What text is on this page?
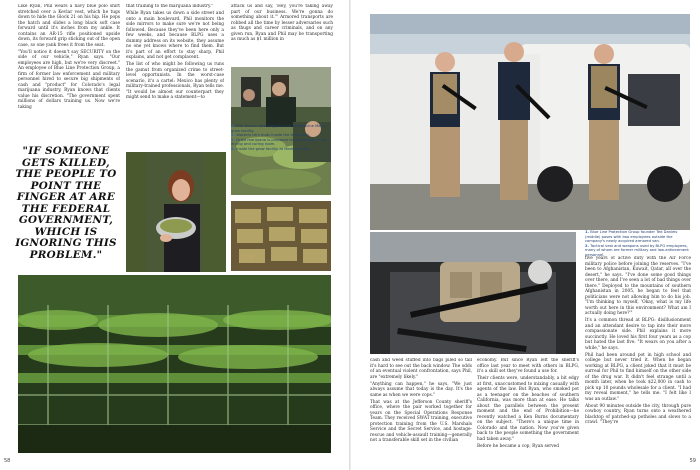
Like Ryan, Phil wears a navy blue polo shirt stretched over a Kevlar vest, which he tugs down to hide the Glock 21 on his hip. He pops the hatch and slides a long black soft case forward until it's inches from my ankle. It contains an AR-15 rifle positioned upside down, its forward grip sticking out of the open case, so one yank frees it from the seat.

"You'll notice it doesn't say SECURITY on the side of our vehicle," Ryan says. "Our employees are high, but we're very discreet." An employee of Blue Line Protection Group, a firm of former law enforcement and military personnel hired to secure big shipments of cash and "product" for Colorado's legal marijuana industry, Ryan knows that clients value his discretion. "The government spent millions of dollars training us. Now we're taking

that training to the marijuana industry."

While Ryan takes us down a side street and onto a main boulevard, Phil monitors the side mirrors to make sure we're not being followed. Because they've been here only a few weeks, and because BLPG uses a dummy address on its website, they assume no one yet knows where to find them. But it's part of an effort to stay sharp, Phil explains, and not get complacent.

The list of who might be following us runs the gamut from organized crime to street-level opportunists. In the worst-case scenario, it's a cartel: Mexico has plenty of military-trained professionals, Ryan tells me. "It would be almost our counterpart they might send to make a statement—to

attack us and say, 'Hey, you're taking away part of our business. We're gonna do something about it.'" Armored transports are robbed all the time by lesser adversaries such as thugs and career criminals, and on any given run, Ryan and Phil may be transporting as much as $1 million in

1. Erin Nelson with bagged buds at Medicine Man's grow facility.
2. Workers trim buds inside the trim room.
3. Dried marijuana is prepared for processing in the drying and curing room.
4. Inside the grow facility at Medicine Man.
"IF SOMEONE GETS KILLED, THE PEOPLE TO POINT THE FINGER AT ARE THE FEDERAL GOVERNMENT, WHICH IS IGNORING THIS PROBLEM."
58
1. Blue Line Protection Group founder Ted Daniels (middle) poses with two employees outside the company's newly acquired armored van.
2. Tactical vest and weapons used by BLPG employees, many of whom are former military and law-enforcement personnel.

five years of active duty with the Air Force military police before joining the reserves. "I've been to Afghanistan, Kuwait, Qatar, all over the desert," he says. "I've done some good things over there, and I've seen a lot of bad things over there." Deployed to the mountains of southern Afghanistan in 2005, he began to feel that politicians were not allowing him to do his job. "I'm thinking to myself, 'Okay, what is my life worth out here in this environment? What am I actually doing here?'"

It's a common thread at BLPG: disillusionment and an attendant desire to tap into their more compassionate side. Phil explains it more succinctly. He loved his first four years as a cop but hated the last five. "It wears on you after a while," he says.

Phil had been around pot in high school and college but never tried it. When he began working at BLPG, a client joked that it must be surreal for Phil to find himself on the other side of the drug war. It didn't feel strange until a month later, when he took $22,000 in cash to pick up 10 pounds wholesale for a client. "I had my reveal moment," he tells me. "I felt like I was an outlaw."

About 90 minutes outside the city, through pure cowboy country, Ryan turns onto a weathered blacktop of patched-up potholes and slows to a crawl. "They're

59

cash and weed stuffed into bags piled so tall it's hard to see out the back window. The odds of an eventual violent confrontation, says Phil, are "extremely likely."

"Anything can happen," he says. "We just always assume that today is the day. It's the same as when we were cops."

That was at the Jefferson County sheriff's office, where the pair worked together for years on the Special Operations Response Team. They received SWAT training, executive protection training from the U.S. Marshals Service and the Secret Service, and hostage-rescue and vehicle-assault training—generally not a transferable skill set in the civilian

economy. But since Ryan left the sheriff's office last year to meet with others in BLPG, it's a skill set they've found a use for.

Their clients were, understandably, a bit edgy at first, unaccustomed to mixing casually with agents of the law. But Ryan, who smoked pot as a teenager on the beaches of southern California, was more than at ease. He talks about the parallels between the present moment and the end of Prohibition—he recently watched a Ken Burns documentary on the subject. "There's a unique time in Colorado and the nation. Now you've given back to the people something the government had taken away."

Before he became a cop, Ryan served
